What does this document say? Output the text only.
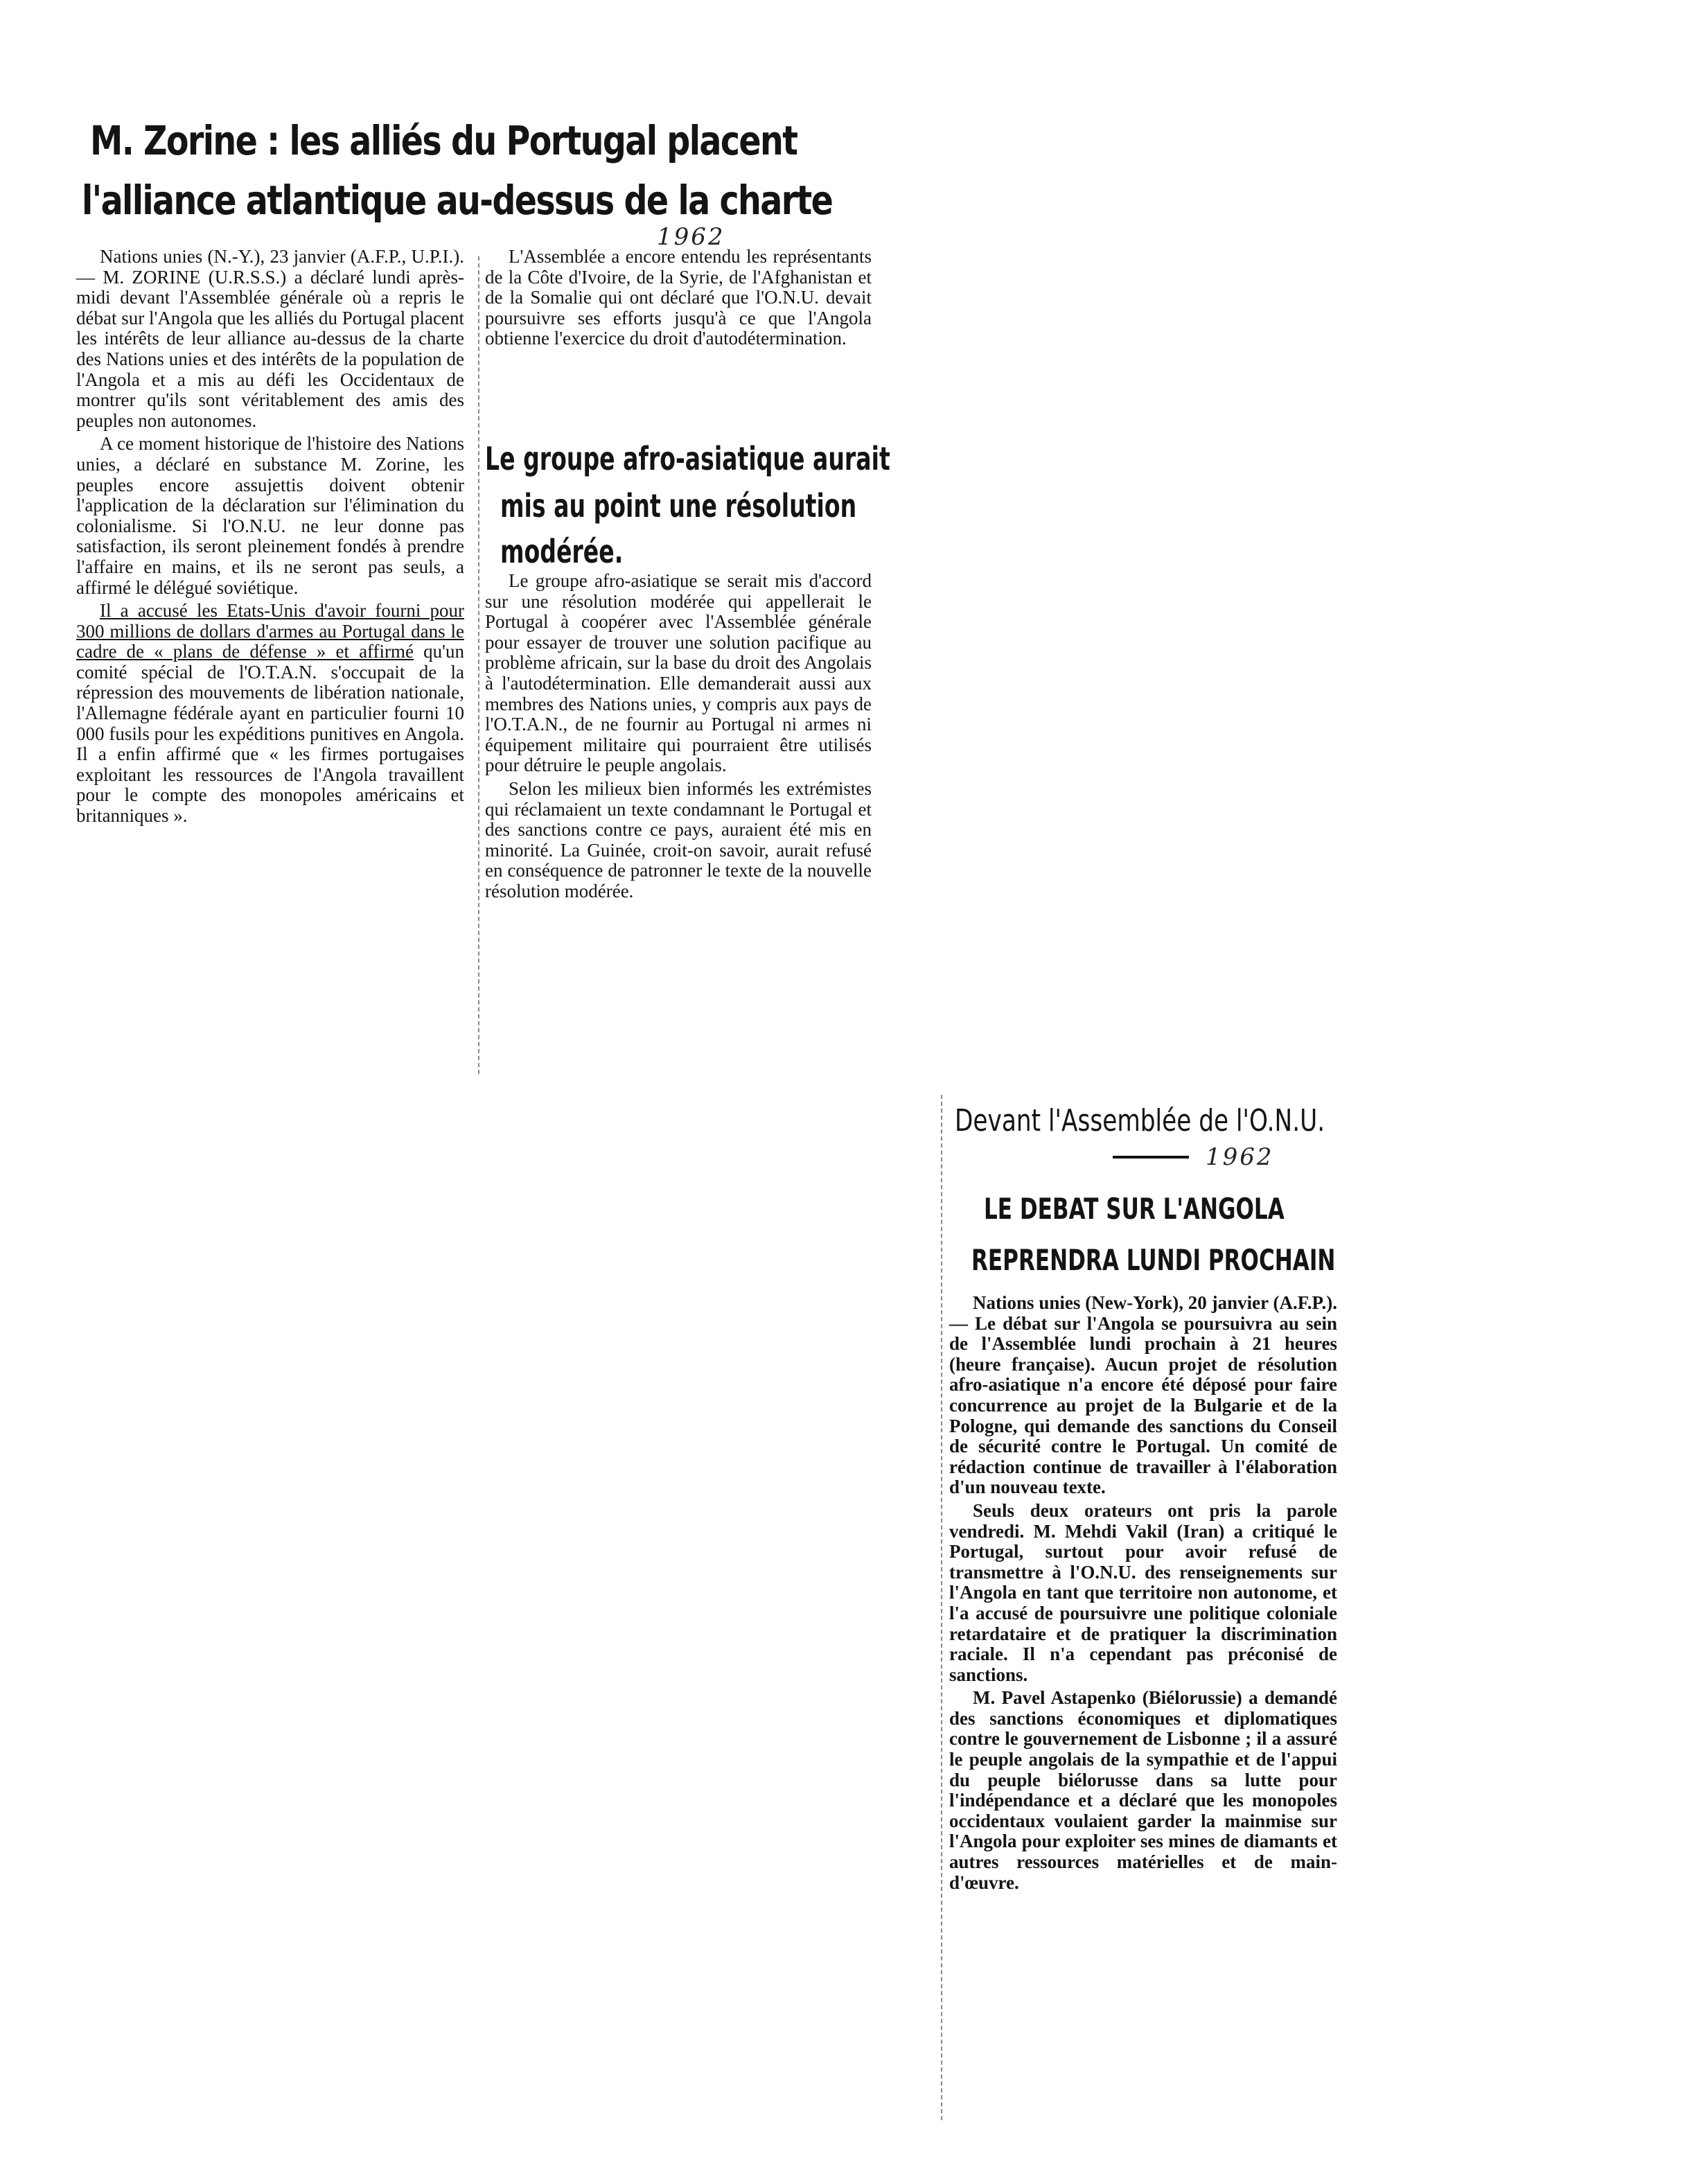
M. Zorine : les alliés du Portugal placent
l'alliance atlantique au-dessus de la charte
1962

Nations unies (N.-Y.), 23 janvier (A.F.P., U.P.I.). — M. ZORINE (U.R.S.S.) a déclaré lundi après-midi devant l'Assemblée générale où a repris le débat sur l'Angola que les alliés du Portugal placent les intérêts de leur alliance au-dessus de la charte des Nations unies et des intérêts de la population de l'Angola et a mis au défi les Occidentaux de montrer qu'ils sont véritablement des amis des peuples non autonomes.

A ce moment historique de l'histoire des Nations unies, a déclaré en substance M. Zorine, les peuples encore assujettis doivent obtenir l'application de la déclaration sur l'élimination du colonialisme. Si l'O.N.U. ne leur donne pas satisfaction, ils seront pleinement fondés à prendre l'affaire en mains, et ils ne seront pas seuls, a affirmé le délégué soviétique.

Il a accusé les Etats-Unis d'avoir fourni pour 300 millions de dollars d'armes au Portugal dans le cadre de « plans de défense » et affirmé qu'un comité spécial de l'O.T.A.N. s'occupait de la répression des mouvements de libération nationale, l'Allemagne fédérale ayant en particulier fourni 10 000 fusils pour les expéditions punitives en Angola. Il a enfin affirmé que « les firmes portugaises exploitant les ressources de l'Angola travaillent pour le compte des monopoles américains et britanniques ».

L'Assemblée a encore entendu les représentants de la Côte d'Ivoire, de la Syrie, de l'Afghanistan et de la Somalie qui ont déclaré que l'O.N.U. devait poursuivre ses efforts jusqu'à ce que l'Angola obtienne l'exercice du droit d'autodétermination.

Le groupe afro-asiatique aurait
mis au point une résolution
modérée.

Le groupe afro-asiatique se serait mis d'accord sur une résolution modérée qui appellerait le Portugal à coopérer avec l'Assemblée générale pour essayer de trouver une solution pacifique au problème africain, sur la base du droit des Angolais à l'autodétermination. Elle demanderait aussi aux membres des Nations unies, y compris aux pays de l'O.T.A.N., de ne fournir au Portugal ni armes ni équipement militaire qui pourraient être utilisés pour détruire le peuple angolais.

Selon les milieux bien informés les extrémistes qui réclamaient un texte condamnant le Portugal et des sanctions contre ce pays, auraient été mis en minorité. La Guinée, croit-on savoir, aurait refusé en conséquence de patronner le texte de la nouvelle résolution modérée.

Devant l'Assemblée de l'O.N.U.
1962
LE DEBAT SUR L'ANGOLA
REPRENDRA LUNDI PROCHAIN

Nations unies (New-York), 20 janvier (A.F.P.). — Le débat sur l'Angola se poursuivra au sein de l'Assemblée lundi prochain à 21 heures (heure française). Aucun projet de résolution afro-asiatique n'a encore été déposé pour faire concurrence au projet de la Bulgarie et de la Pologne, qui demande des sanctions du Conseil de sécurité contre le Portugal. Un comité de rédaction continue de travailler à l'élaboration d'un nouveau texte.

Seuls deux orateurs ont pris la parole vendredi. M. Mehdi Vakil (Iran) a critiqué le Portugal, surtout pour avoir refusé de transmettre à l'O.N.U. des renseignements sur l'Angola en tant que territoire non autonome, et l'a accusé de poursuivre une politique coloniale retardataire et de pratiquer la discrimination raciale. Il n'a cependant pas préconisé de sanctions.

M. Pavel Astapenko (Biélorussie) a demandé des sanctions économiques et diplomatiques contre le gouvernement de Lisbonne ; il a assuré le peuple angolais de la sympathie et de l'appui du peuple biélorusse dans sa lutte pour l'indépendance et a déclaré que les monopoles occidentaux voulaient garder la mainmise sur l'Angola pour exploiter ses mines de diamants et autres ressources matérielles et de main-d'œuvre.
